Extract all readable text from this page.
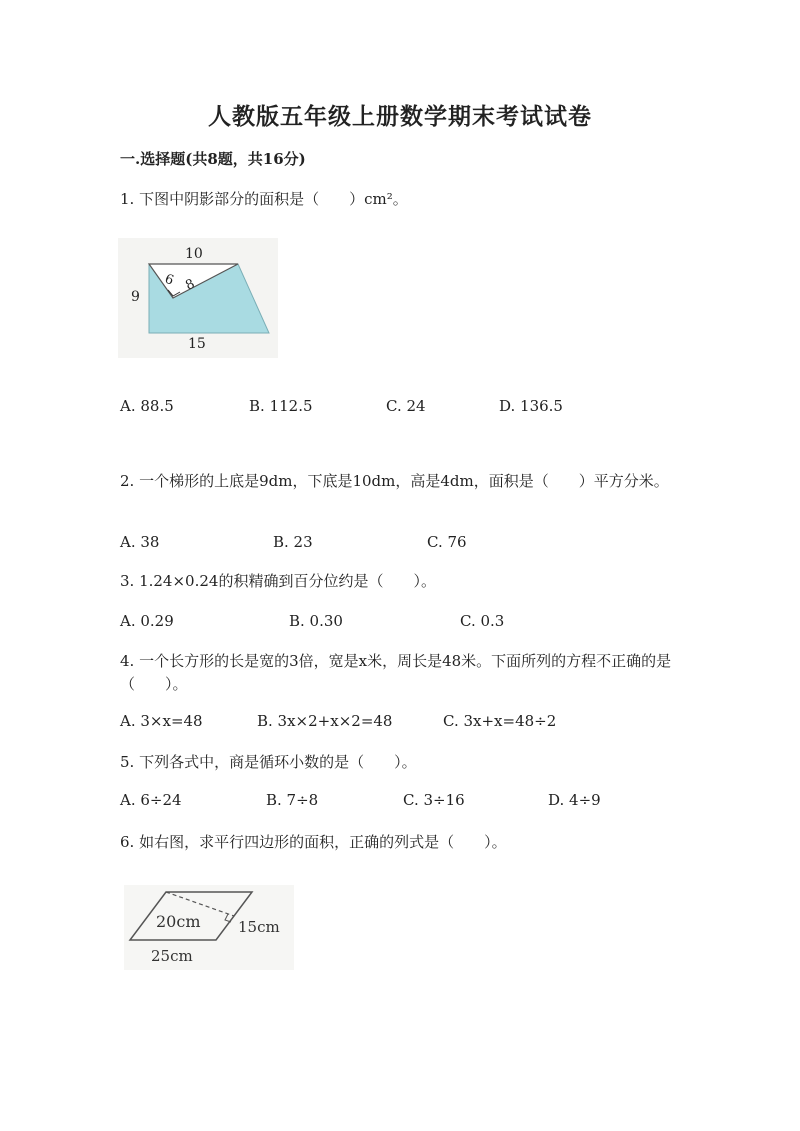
人教版五年级上册数学期末考试试卷
一.选择题(共8题，共16分)
1. 下图中阴影部分的面积是（　　）cm²。
10
9
15
6 8
A. 88.5	B. 112.5	C. 24	D. 136.5
2. 一个梯形的上底是9dm，下底是10dm，高是4dm，面积是（　　）平方分米。
A. 38	B. 23	C. 76
3. 1.24×0.24的积精确到百分位约是（　　）。
A. 0.29	B. 0.30	C. 0.3
4. 一个长方形的长是宽的3倍，宽是x米，周长是48米。下面所列的方程不正确的是（　　）。
A. 3×x=48	B. 3x×2+x×2=48	C. 3x+x=48÷2
5. 下列各式中，商是循环小数的是（　　）。
A. 6÷24	B. 7÷8	C. 3÷16	D. 4÷9
6. 如右图，求平行四边形的面积，正确的列式是（　　）。
20cm	15cm
25cm
